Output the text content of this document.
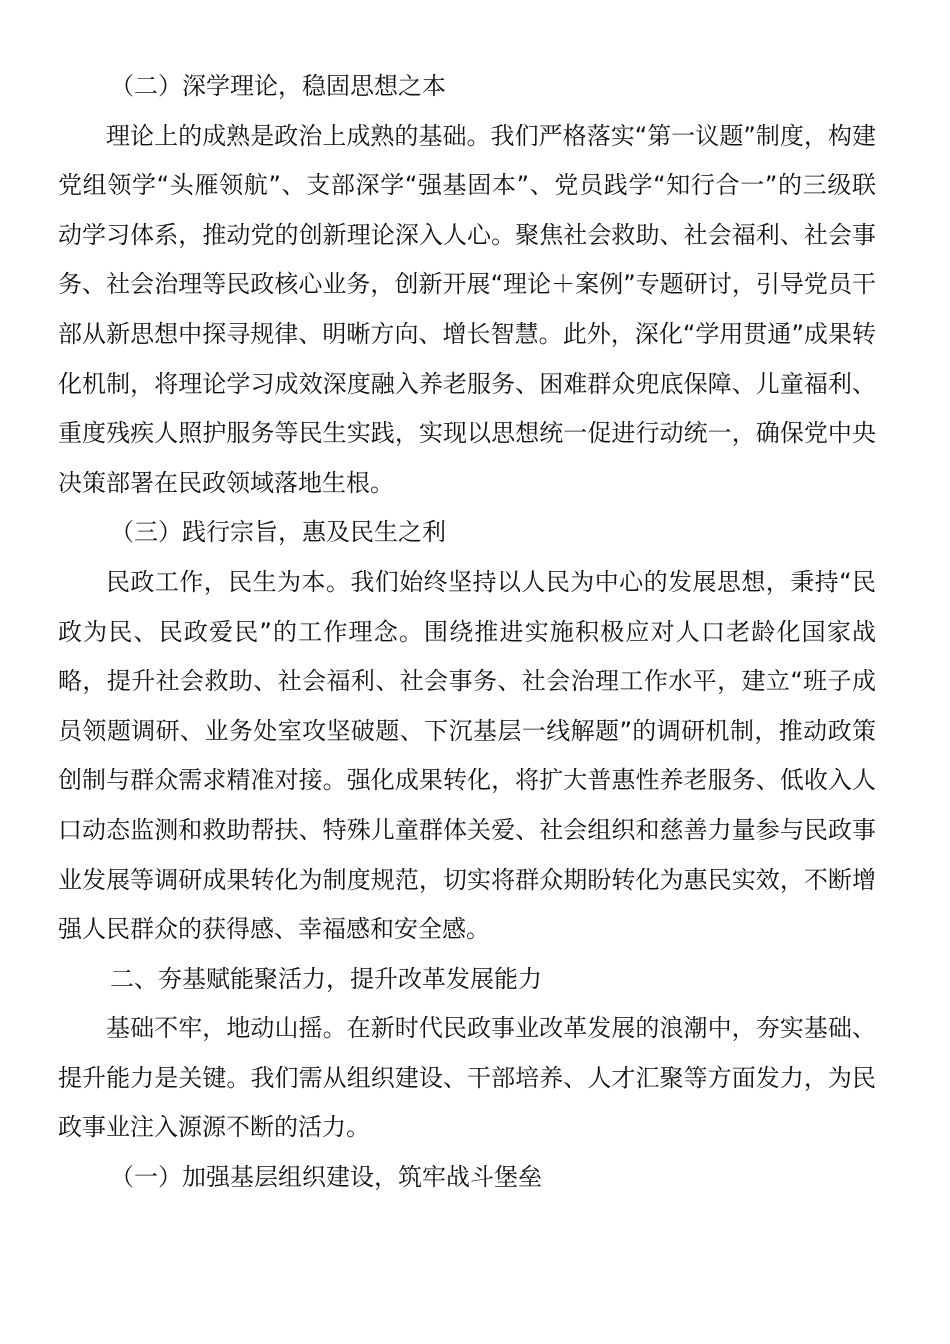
（二）深学理论，稳固思想之本

理论上的成熟是政治上成熟的基础。我们严格落实“第一议题”制度，构建党组领学“头雁领航”、支部深学“强基固本”、党员践学“知行合一”的三级联动学习体系，推动党的创新理论深入人心。聚焦社会救助、社会福利、社会事务、社会治理等民政核心业务，创新开展“理论＋案例”专题研讨，引导党员干部从新思想中探寻规律、明晰方向、增长智慧。此外，深化“学用贯通”成果转化机制，将理论学习成效深度融入养老服务、困难群众兜底保障、儿童福利、重度残疾人照护服务等民生实践，实现以思想统一促进行动统一，确保党中央决策部署在民政领域落地生根。

（三）践行宗旨，惠及民生之利

民政工作，民生为本。我们始终坚持以人民为中心的发展思想，秉持“民政为民、民政爱民”的工作理念。围绕推进实施积极应对人口老龄化国家战略，提升社会救助、社会福利、社会事务、社会治理工作水平，建立“班子成员领题调研、业务处室攻坚破题、下沉基层一线解题”的调研机制，推动政策创制与群众需求精准对接。强化成果转化，将扩大普惠性养老服务、低收入人口动态监测和救助帮扶、特殊儿童群体关爱、社会组织和慈善力量参与民政事业发展等调研成果转化为制度规范，切实将群众期盼转化为惠民实效，不断增强人民群众的获得感、幸福感和安全感。

二、夯基赋能聚活力，提升改革发展能力

基础不牢，地动山摇。在新时代民政事业改革发展的浪潮中，夯实基础、提升能力是关键。我们需从组织建设、干部培养、人才汇聚等方面发力，为民政事业注入源源不断的活力。

（一）加强基层组织建设，筑牢战斗堡垒
